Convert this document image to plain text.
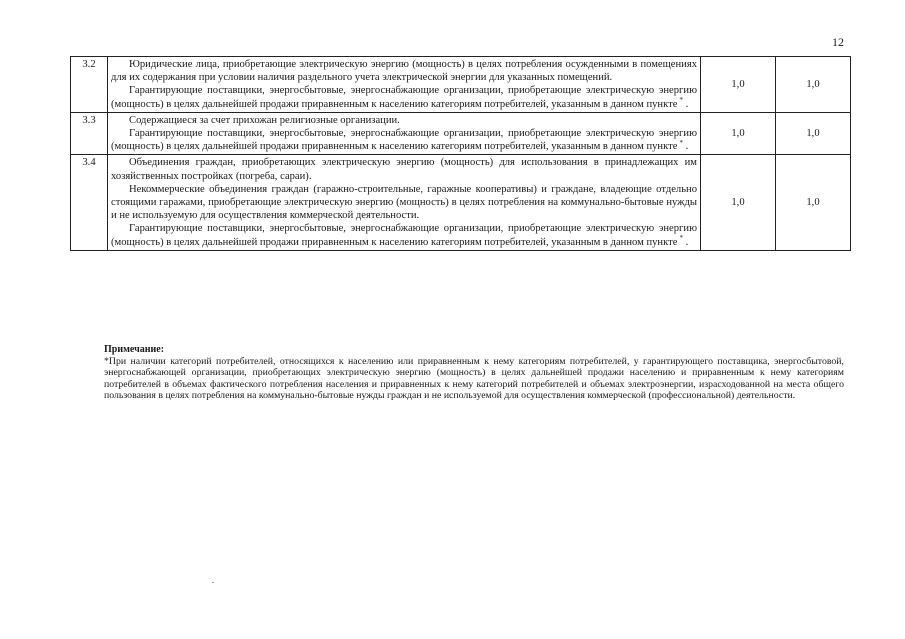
12
3.2	Юридические лица, приобретающие электрическую энергию (мощность) в целях потребления осужденными в помещениях для их содержания при условии наличия раздельного учета электрической энергии для указанных помещений.

Гарантирующие поставщики, энергосбытовые, энергоснабжающие организации, приобретающие электрическую энергию (мощность) в целях дальнейшей продажи приравненным к населению категориям потребителей, указанным в данном пункте * .	1,0	1,0
3.3	Содержащиеся за счет прихожан религиозные организации.

Гарантирующие поставщики, энергосбытовые, энергоснабжающие организации, приобретающие электрическую энергию (мощность) в целях дальнейшей продажи приравненным к населению категориям потребителей, указанным в данном пункте * .	1,0	1,0
3.4	Объединения граждан, приобретающих электрическую энергию (мощность) для использования в принадлежащих им хозяйственных постройках (погреба, сараи).

Некоммерческие объединения граждан (гаражно-строительные, гаражные кооперативы) и граждане, владеющие отдельно стоящими гаражами, приобретающие электрическую энергию (мощность) в целях потребления на коммунально-бытовые нужды и не используемую для осуществления коммерческой деятельности.

Гарантирующие поставщики, энергосбытовые, энергоснабжающие организации, приобретающие электрическую энергию (мощность) в целях дальнейшей продажи приравненным к населению категориям потребителей, указанным в данном пункте * .	1,0	1,0
Примечание:
*При наличии категорий потребителей, относящихся к населению или приравненным к нему категориям потребителей, у гарантирующего поставщика, энергосбытовой, энергоснабжающей организации, приобретающих электрическую энергию (мощность) в целях дальнейшей продажи населению и приравненным к нему категориям потребителей в объемах фактического потребления населения и приравненных к нему категорий потребителей и объемах электроэнергии, израсходованной на места общего пользования в целях потребления на коммунально-бытовые нужды граждан и не используемой для осуществления коммерческой (профессиональной) деятельности.
